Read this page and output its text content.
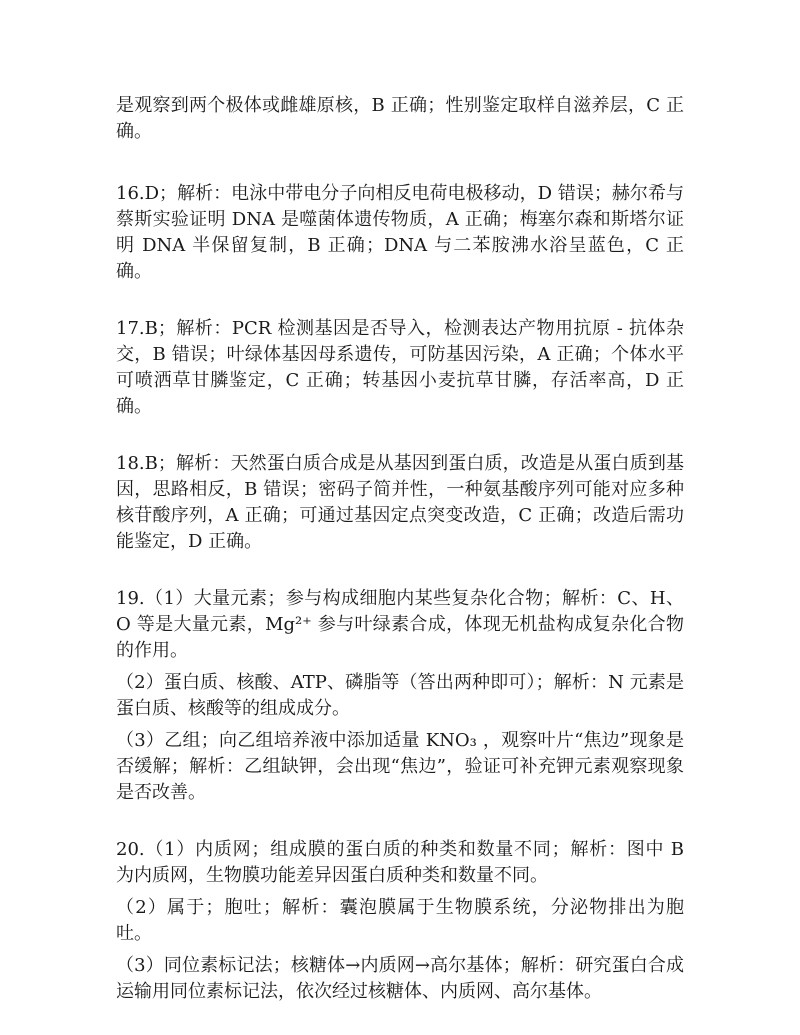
是观察到两个极体或雌雄原核，B 正确；性别鉴定取样自滋养层，C 正确。

16.D；解析：电泳中带电分子向相反电荷电极移动，D 错误；赫尔希与蔡斯实验证明 DNA 是噬菌体遗传物质，A 正确；梅塞尔森和斯塔尔证明 DNA 半保留复制，B 正确；DNA 与二苯胺沸水浴呈蓝色，C 正确。

17.B；解析：PCR 检测基因是否导入，检测表达产物用抗原 - 抗体杂交，B 错误；叶绿体基因母系遗传，可防基因污染，A 正确；个体水平可喷洒草甘膦鉴定，C 正确；转基因小麦抗草甘膦，存活率高，D 正确。

18.B；解析：天然蛋白质合成是从基因到蛋白质，改造是从蛋白质到基因，思路相反，B 错误；密码子简并性，一种氨基酸序列可能对应多种核苷酸序列，A 正确；可通过基因定点突变改造，C 正确；改造后需功能鉴定，D 正确。

19.（1）大量元素；参与构成细胞内某些复杂化合物；解析：C、H、O 等是大量元素，Mg²⁺ 参与叶绿素合成，体现无机盐构成复杂化合物的作用。

（2）蛋白质、核酸、ATP、磷脂等（答出两种即可）；解析：N 元素是蛋白质、核酸等的组成成分。

（3）乙组；向乙组培养液中添加适量 KNO₃ ，观察叶片“焦边”现象是否缓解；解析：乙组缺钾，会出现“焦边”，验证可补充钾元素观察现象是否改善。

20.（1）内质网；组成膜的蛋白质的种类和数量不同；解析：图中 B 为内质网，生物膜功能差异因蛋白质种类和数量不同。

（2）属于；胞吐；解析：囊泡膜属于生物膜系统，分泌物排出为胞吐。

（3）同位素标记法；核糖体→内质网→高尔基体；解析：研究蛋白合成运输用同位素标记法，依次经过核糖体、内质网、高尔基体。
